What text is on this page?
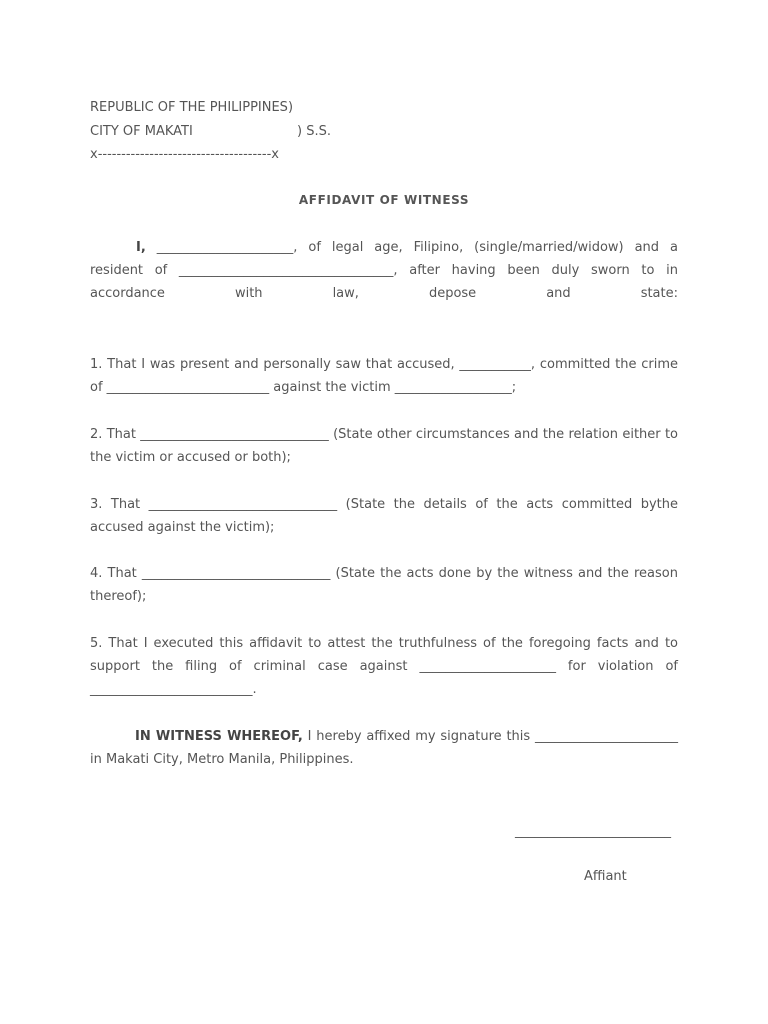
REPUBLIC OF THE PHILIPPINES)
CITY OF MAKATI	) S.S.
x-------------------------------------x
AFFIDAVIT OF WITNESS
I, _____________________, of legal age, Filipino, (single/married/widow) and a resident of _________________________________, after having been duly sworn to in accordance with law, depose and state:
1. That I was present and personally saw that accused, ___________, committed the crime of _________________________ against the victim __________________;
2. That _____________________________ (State other circumstances and the relation either to the victim or accused or both);
3. That _____________________________ (State the details of the acts committed bythe accused against the victim);
4. That _____________________________ (State the acts done by the witness and the reason thereof);
5. That I executed this affidavit to attest the truthfulness of the foregoing facts and to support the filing of criminal case against _____________________ for violation of _________________________.
IN WITNESS WHEREOF, I hereby affixed my signature this ______________________ in Makati City, Metro Manila, Philippines.
________________________
Affiant
